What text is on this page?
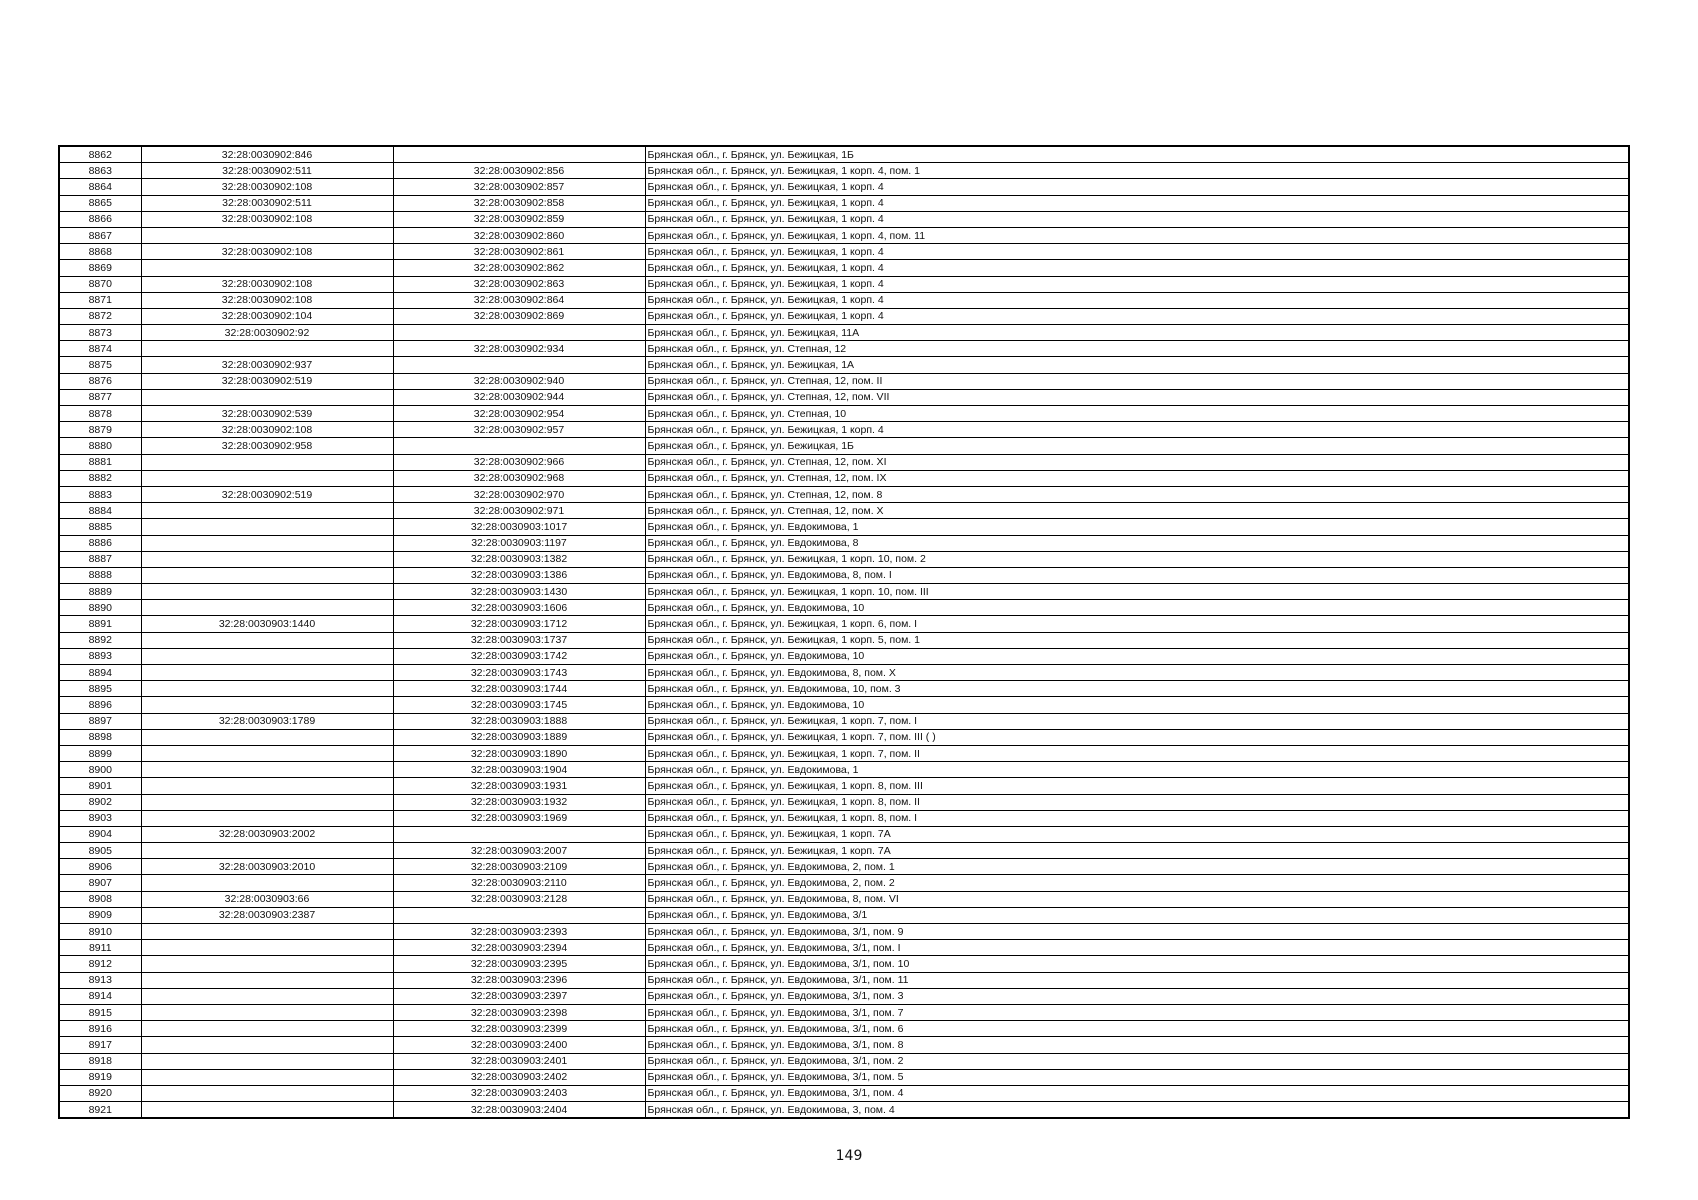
8862	32:28:0030902:846		Брянская обл., г. Брянск, ул. Бежицкая, 1Б
8863	32:28:0030902:511	32:28:0030902:856	Брянская обл., г. Брянск, ул. Бежицкая, 1 корп. 4, пом. 1
8864	32:28:0030902:108	32:28:0030902:857	Брянская обл., г. Брянск, ул. Бежицкая, 1 корп. 4
8865	32:28:0030902:511	32:28:0030902:858	Брянская обл., г. Брянск, ул. Бежицкая, 1 корп. 4
8866	32:28:0030902:108	32:28:0030902:859	Брянская обл., г. Брянск, ул. Бежицкая, 1 корп. 4
8867		32:28:0030902:860	Брянская обл., г. Брянск, ул. Бежицкая, 1 корп. 4, пом. 11
8868	32:28:0030902:108	32:28:0030902:861	Брянская обл., г. Брянск, ул. Бежицкая, 1 корп. 4
8869		32:28:0030902:862	Брянская обл., г. Брянск, ул. Бежицкая, 1 корп. 4
8870	32:28:0030902:108	32:28:0030902:863	Брянская обл., г. Брянск, ул. Бежицкая, 1 корп. 4
8871	32:28:0030902:108	32:28:0030902:864	Брянская обл., г. Брянск, ул. Бежицкая, 1 корп. 4
8872	32:28:0030902:104	32:28:0030902:869	Брянская обл., г. Брянск, ул. Бежицкая, 1 корп. 4
8873	32:28:0030902:92		Брянская обл., г. Брянск, ул. Бежицкая, 11А
8874		32:28:0030902:934	Брянская обл., г. Брянск, ул. Степная, 12
8875	32:28:0030902:937		Брянская обл., г. Брянск, ул. Бежицкая, 1А
8876	32:28:0030902:519	32:28:0030902:940	Брянская обл., г. Брянск, ул. Степная, 12, пом. II
8877		32:28:0030902:944	Брянская обл., г. Брянск, ул. Степная, 12, пом. VII
8878	32:28:0030902:539	32:28:0030902:954	Брянская обл., г. Брянск, ул. Степная, 10
8879	32:28:0030902:108	32:28:0030902:957	Брянская обл., г. Брянск, ул. Бежицкая, 1 корп. 4
8880	32:28:0030902:958		Брянская обл., г. Брянск, ул. Бежицкая, 1Б
8881		32:28:0030902:966	Брянская обл., г. Брянск, ул. Степная, 12, пом. XI
8882		32:28:0030902:968	Брянская обл., г. Брянск, ул. Степная, 12, пом. IX
8883	32:28:0030902:519	32:28:0030902:970	Брянская обл., г. Брянск, ул. Степная, 12, пом. 8
8884		32:28:0030902:971	Брянская обл., г. Брянск, ул. Степная, 12, пом. X
8885		32:28:0030903:1017	Брянская обл., г. Брянск, ул. Евдокимова, 1
8886		32:28:0030903:1197	Брянская обл., г. Брянск, ул. Евдокимова, 8
8887		32:28:0030903:1382	Брянская обл., г. Брянск, ул. Бежицкая, 1 корп. 10, пом. 2
8888		32:28:0030903:1386	Брянская обл., г. Брянск, ул. Евдокимова, 8, пом. I
8889		32:28:0030903:1430	Брянская обл., г. Брянск, ул. Бежицкая, 1 корп. 10, пом. III
8890		32:28:0030903:1606	Брянская обл., г. Брянск, ул. Евдокимова, 10
8891	32:28:0030903:1440	32:28:0030903:1712	Брянская обл., г. Брянск, ул. Бежицкая, 1 корп. 6, пом. I
8892		32:28:0030903:1737	Брянская обл., г. Брянск, ул. Бежицкая, 1 корп. 5, пом. 1
8893		32:28:0030903:1742	Брянская обл., г. Брянск, ул. Евдокимова, 10
8894		32:28:0030903:1743	Брянская обл., г. Брянск, ул. Евдокимова, 8, пом. X
8895		32:28:0030903:1744	Брянская обл., г. Брянск, ул. Евдокимова, 10, пом. 3
8896		32:28:0030903:1745	Брянская обл., г. Брянск, ул. Евдокимова, 10
8897	32:28:0030903:1789	32:28:0030903:1888	Брянская обл., г. Брянск, ул. Бежицкая, 1 корп. 7, пом. I
8898		32:28:0030903:1889	Брянская обл., г. Брянск, ул. Бежицкая, 1 корп. 7, пом. III ( )
8899		32:28:0030903:1890	Брянская обл., г. Брянск, ул. Бежицкая, 1 корп. 7, пом. II
8900		32:28:0030903:1904	Брянская обл., г. Брянск, ул. Евдокимова, 1
8901		32:28:0030903:1931	Брянская обл., г. Брянск, ул. Бежицкая, 1 корп. 8, пом. III
8902		32:28:0030903:1932	Брянская обл., г. Брянск, ул. Бежицкая, 1 корп. 8, пом. II
8903		32:28:0030903:1969	Брянская обл., г. Брянск, ул. Бежицкая, 1 корп. 8, пом. I
8904	32:28:0030903:2002		Брянская обл., г. Брянск, ул. Бежицкая, 1 корп. 7А
8905		32:28:0030903:2007	Брянская обл., г. Брянск, ул. Бежицкая, 1 корп. 7А
8906	32:28:0030903:2010	32:28:0030903:2109	Брянская обл., г. Брянск, ул. Евдокимова, 2, пом. 1
8907		32:28:0030903:2110	Брянская обл., г. Брянск, ул. Евдокимова, 2, пом. 2
8908	32:28:0030903:66	32:28:0030903:2128	Брянская обл., г. Брянск, ул. Евдокимова, 8, пом. VI
8909	32:28:0030903:2387		Брянская обл., г. Брянск, ул. Евдокимова, 3/1
8910		32:28:0030903:2393	Брянская обл., г. Брянск, ул. Евдокимова, 3/1, пом. 9
8911		32:28:0030903:2394	Брянская обл., г. Брянск, ул. Евдокимова, 3/1, пом. I
8912		32:28:0030903:2395	Брянская обл., г. Брянск, ул. Евдокимова, 3/1, пом. 10
8913		32:28:0030903:2396	Брянская обл., г. Брянск, ул. Евдокимова, 3/1, пом. 11
8914		32:28:0030903:2397	Брянская обл., г. Брянск, ул. Евдокимова, 3/1, пом. 3
8915		32:28:0030903:2398	Брянская обл., г. Брянск, ул. Евдокимова, 3/1, пом. 7
8916		32:28:0030903:2399	Брянская обл., г. Брянск, ул. Евдокимова, 3/1, пом. 6
8917		32:28:0030903:2400	Брянская обл., г. Брянск, ул. Евдокимова, 3/1, пом. 8
8918		32:28:0030903:2401	Брянская обл., г. Брянск, ул. Евдокимова, 3/1, пом. 2
8919		32:28:0030903:2402	Брянская обл., г. Брянск, ул. Евдокимова, 3/1, пом. 5
8920		32:28:0030903:2403	Брянская обл., г. Брянск, ул. Евдокимова, 3/1, пом. 4
8921		32:28:0030903:2404	Брянская обл., г. Брянск, ул. Евдокимова, 3, пом. 4
149
